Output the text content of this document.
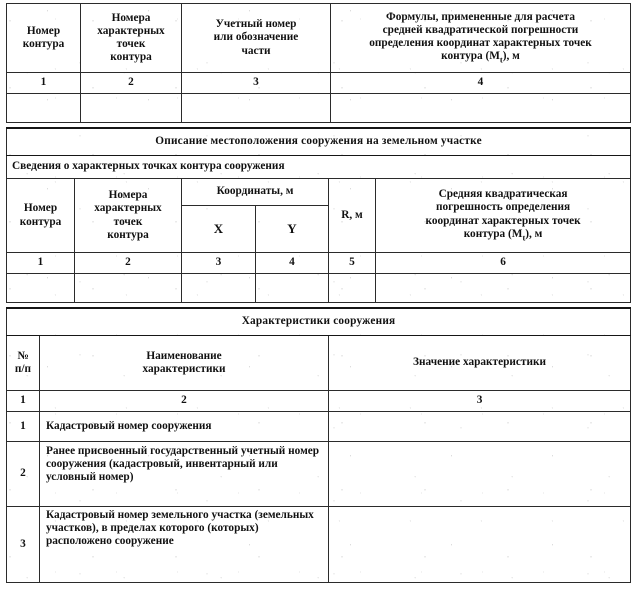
Номер
контура	Номера
характерных
точек
контура	Учетный номер
или обозначение
части	Формулы, примененные для расчета
средней квадратической погрешности
определения координат характерных точек
контура $(M_t)$, м
1	2	3	4

Описание местоположения сооружения на земельном участке					
Сведения о характерных точках контура сооружения					
Номер
контура	Номера
характерных
точек
контура	Координаты, м		R, м	Средняя квадратическая
погрешность определения
координат характерных точек
контура $(M_t)$, м
		X	Y		
1	2	3	4	5	6

Характеристики сооружения		
№
п/п	Наименование
характеристики	Значение характеристики
1	2	3
1	Кадастровый номер сооружения	
2	Ранее присвоенный государственный учетный номер сооружения (кадастровый, инвентарный или условный номер)	
3	Кадастровый номер земельного участка (земельных участков), в пределах которого (которых) расположено сооружение	
